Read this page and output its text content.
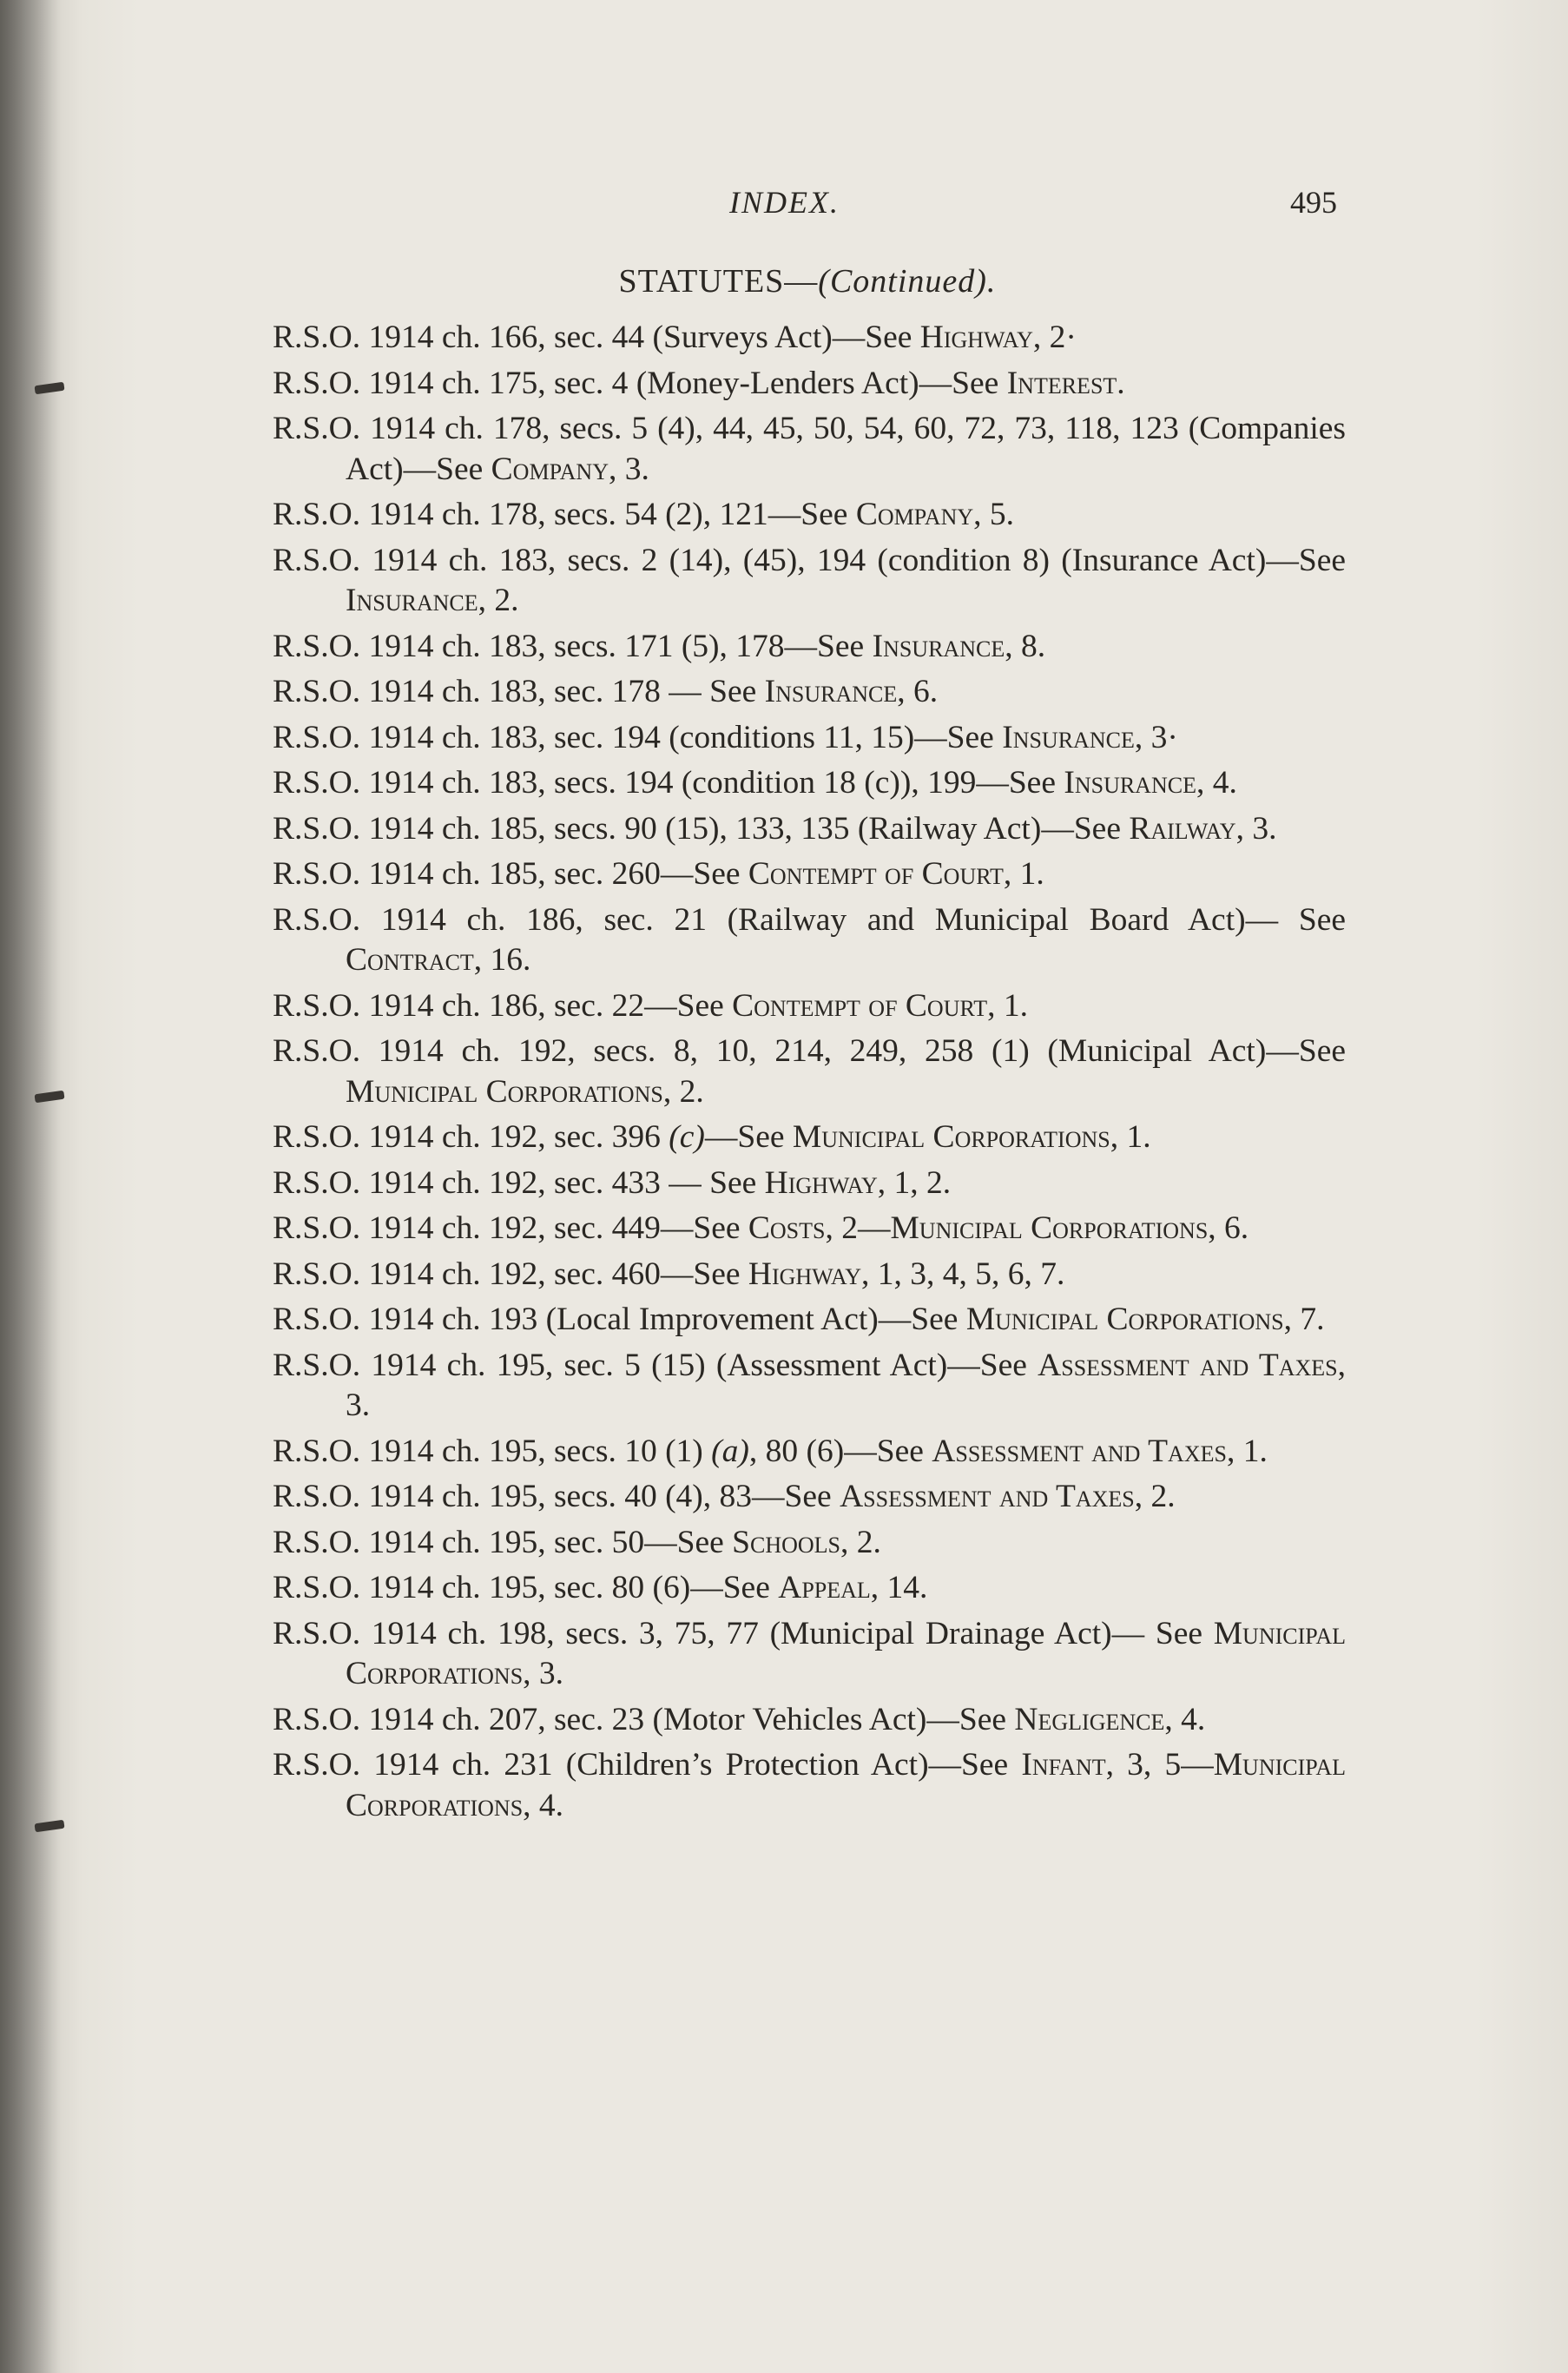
INDEX.	495
STATUTES—(Continued).
R.S.O. 1914 ch. 166, sec. 44 (Surveys Act)—See Highway, 2·
R.S.O. 1914 ch. 175, sec. 4 (Money-Lenders Act)—See Interest.
R.S.O. 1914 ch. 178, secs. 5 (4), 44, 45, 50, 54, 60, 72, 73, 118, 123 (Companies Act)—See Company, 3.
R.S.O. 1914 ch. 178, secs. 54 (2), 121—See Company, 5.
R.S.O. 1914 ch. 183, secs. 2 (14), (45), 194 (condition 8) (Insurance Act)—See Insurance, 2.
R.S.O. 1914 ch. 183, secs. 171 (5), 178—See Insurance, 8.
R.S.O. 1914 ch. 183, sec. 178 — See Insurance, 6.
R.S.O. 1914 ch. 183, sec. 194 (conditions 11, 15)—See Insurance, 3·
R.S.O. 1914 ch. 183, secs. 194 (condition 18 (c)), 199—See Insurance, 4.
R.S.O. 1914 ch. 185, secs. 90 (15), 133, 135 (Railway Act)—See Railway, 3.
R.S.O. 1914 ch. 185, sec. 260—See Contempt of Court, 1.
R.S.O. 1914 ch. 186, sec. 21 (Railway and Municipal Board Act)— See Contract, 16.
R.S.O. 1914 ch. 186, sec. 22—See Contempt of Court, 1.
R.S.O. 1914 ch. 192, secs. 8, 10, 214, 249, 258 (1) (Municipal Act)—See Municipal Corporations, 2.
R.S.O. 1914 ch. 192, sec. 396 (c)—See Municipal Corporations, 1.
R.S.O. 1914 ch. 192, sec. 433 — See Highway, 1, 2.
R.S.O. 1914 ch. 192, sec. 449—See Costs, 2—Municipal Corporations, 6.
R.S.O. 1914 ch. 192, sec. 460—See Highway, 1, 3, 4, 5, 6, 7.
R.S.O. 1914 ch. 193 (Local Improvement Act)—See Municipal Corporations, 7.
R.S.O. 1914 ch. 195, sec. 5 (15) (Assessment Act)—See Assessment and Taxes, 3.
R.S.O. 1914 ch. 195, secs. 10 (1) (a), 80 (6)—See Assessment and Taxes, 1.
R.S.O. 1914 ch. 195, secs. 40 (4), 83—See Assessment and Taxes, 2.
R.S.O. 1914 ch. 195, sec. 50—See Schools, 2.
R.S.O. 1914 ch. 195, sec. 80 (6)—See Appeal, 14.
R.S.O. 1914 ch. 198, secs. 3, 75, 77 (Municipal Drainage Act)— See Municipal Corporations, 3.
R.S.O. 1914 ch. 207, sec. 23 (Motor Vehicles Act)—See Negligence, 4.
R.S.O. 1914 ch. 231 (Children’s Protection Act)—See Infant, 3, 5—Municipal Corporations, 4.
